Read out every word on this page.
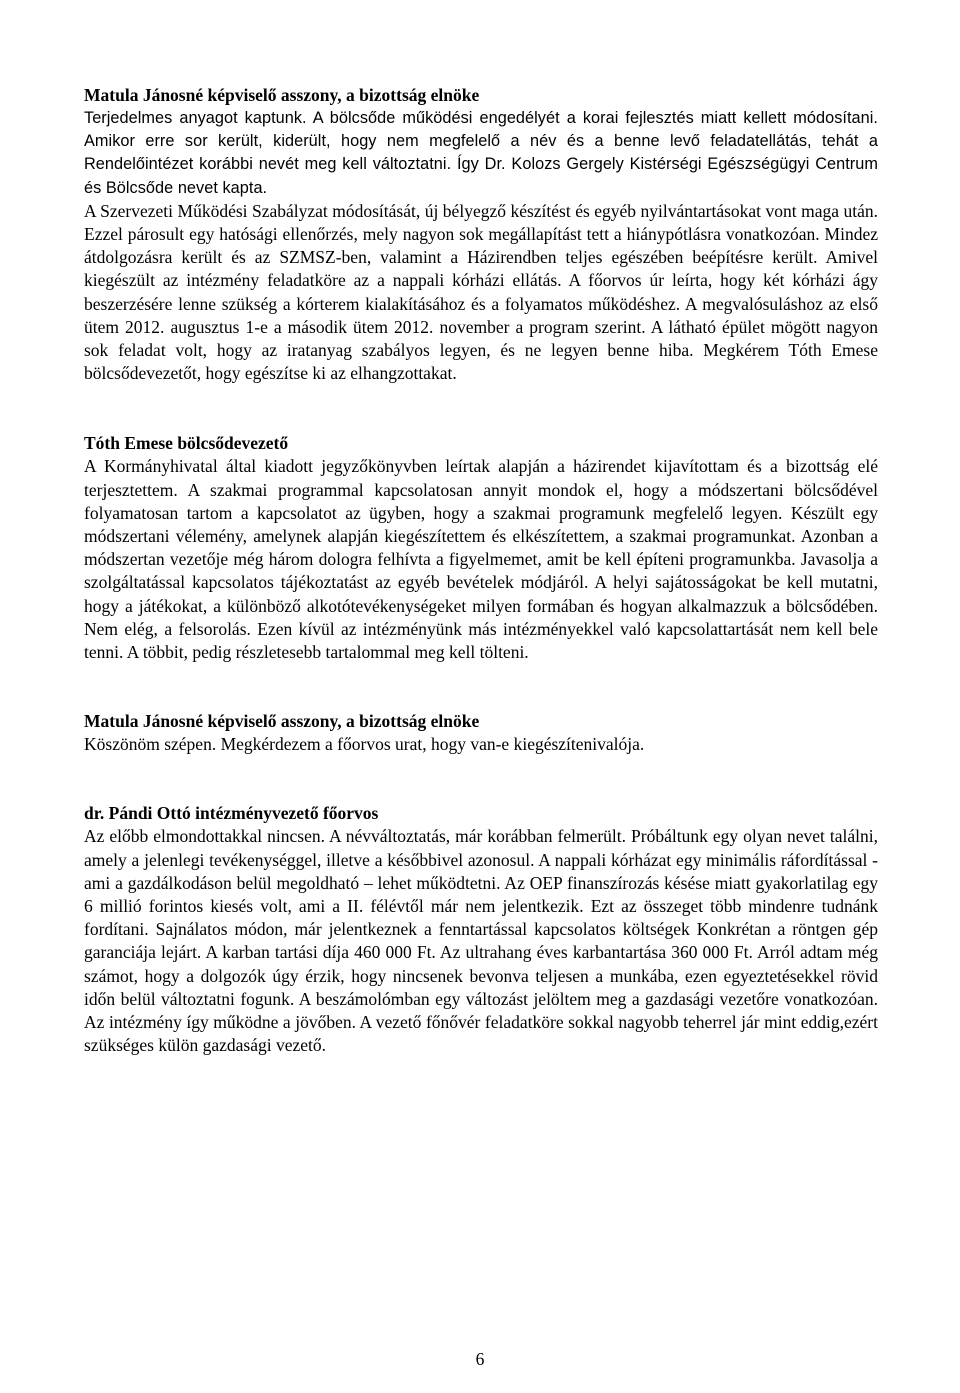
Matula Jánosné képviselő asszony, a bizottság elnöke

Terjedelmes anyagot kaptunk. A bölcsőde működési engedélyét a korai fejlesztés miatt kellett módosítani. Amikor erre sor került, kiderült, hogy nem megfelelő a név és a benne levő feladatellátás, tehát a Rendelőintézet korábbi nevét meg kell változtatni. Így Dr. Kolozs Gergely Kistérségi Egészségügyi Centrum és Bölcsőde nevet kapta.

A Szervezeti Működési Szabályzat módosítását, új bélyegző készítést és egyéb nyilvántartásokat vont maga után. Ezzel párosult egy hatósági ellenőrzés, mely nagyon sok megállapítást tett a hiánypótlásra vonatkozóan. Mindez átdolgozásra került és az SZMSZ-ben, valamint a Házirendben teljes egészében beépítésre került. Amivel kiegészült az intézmény feladatköre az a nappali kórházi ellátás. A főorvos úr leírta, hogy két kórházi ágy beszerzésére lenne szükség a kórterem kialakításához és a folyamatos működéshez. A megvalósuláshoz az első ütem 2012. augusztus 1-e a második ütem 2012. november a program szerint. A látható épület mögött nagyon sok feladat volt, hogy az iratanyag szabályos legyen, és ne legyen benne hiba. Megkérem Tóth Emese bölcsődevezetőt, hogy egészítse ki az elhangzottakat.

Tóth Emese bölcsődevezető

A Kormányhivatal által kiadott jegyzőkönyvben leírtak alapján a házirendet kijavítottam és a bizottság elé terjesztettem. A szakmai programmal kapcsolatosan annyit mondok el, hogy a módszertani bölcsődével folyamatosan tartom a kapcsolatot az ügyben, hogy a szakmai programunk megfelelő legyen. Készült egy módszertani vélemény, amelynek alapján kiegészítettem és elkészítettem, a szakmai programunkat. Azonban a módszertan vezetője még három dologra felhívta a figyelmemet, amit be kell építeni programunkba. Javasolja a szolgáltatással kapcsolatos tájékoztatást az egyéb bevételek módjáról. A helyi sajátosságokat be kell mutatni, hogy a játékokat, a különböző alkotótevékenységeket milyen formában és hogyan alkalmazzuk a bölcsődében. Nem elég, a felsorolás. Ezen kívül az intézményünk más intézményekkel való kapcsolattartását nem kell bele tenni. A többit, pedig részletesebb tartalommal meg kell tölteni.

Matula Jánosné képviselő asszony, a bizottság elnöke

Köszönöm szépen. Megkérdezem a főorvos urat, hogy van-e kiegészítenivalója.

dr. Pándi Ottó intézményvezető főorvos

Az előbb elmondottakkal nincsen. A névváltoztatás, már korábban felmerült. Próbáltunk egy olyan nevet találni, amely a jelenlegi tevékenységgel, illetve a későbbivel azonosul. A nappali kórházat egy minimális ráfordítással - ami a gazdálkodáson belül megoldható – lehet működtetni. Az OEP finanszírozás késése miatt gyakorlatilag egy 6 millió forintos kiesés volt, ami a II. félévtől már nem jelentkezik. Ezt az összeget több mindenre tudnánk fordítani. Sajnálatos módon, már jelentkeznek a fenntartással kapcsolatos költségek Konkrétan a röntgen gép garanciája lejárt. A karban tartási díja 460 000 Ft. Az ultrahang éves karbantartása 360 000 Ft. Arról adtam még számot, hogy a dolgozók úgy érzik, hogy nincsenek bevonva teljesen a munkába, ezen egyeztetésekkel rövid időn belül változtatni fogunk. A beszámolómban egy változást jelöltem meg a gazdasági vezetőre vonatkozóan. Az intézmény így működne a jövőben. A vezető főnővér feladatköre sokkal nagyobb teherrel jár mint eddig,ezért szükséges külön gazdasági vezető.

6
